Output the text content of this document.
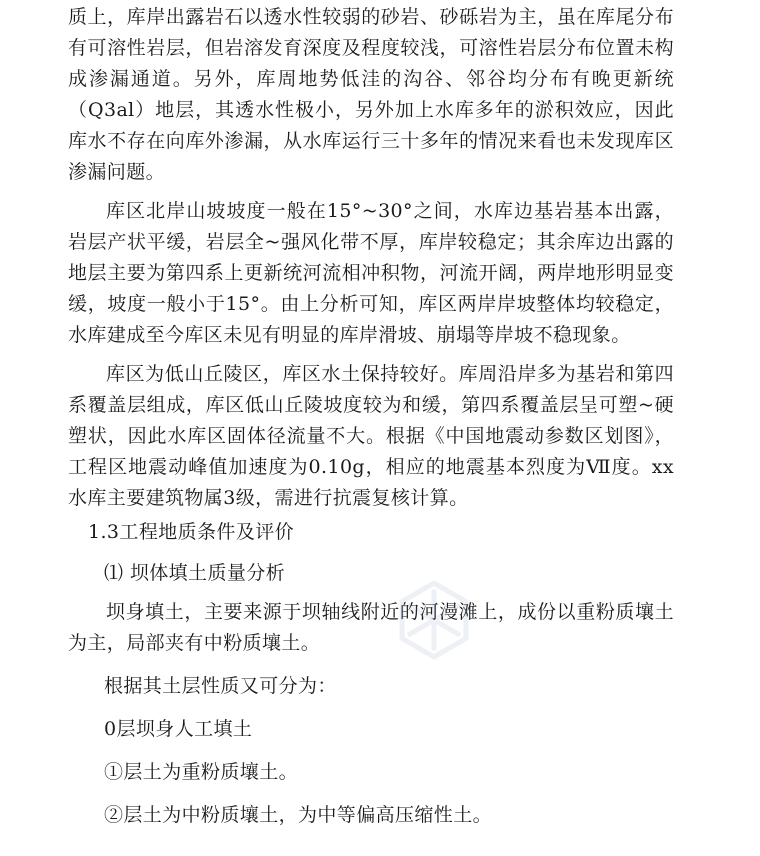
质上，库岸出露岩石以透水性较弱的砂岩、砂砾岩为主，虽在库尾分布有可溶性岩层，但岩溶发育深度及程度较浅，可溶性岩层分布位置未构成渗漏通道。另外，库周地势低洼的沟谷、邻谷均分布有晚更新统（Q3al）地层，其透水性极小，另外加上水库多年的淤积效应，因此库水不存在向库外渗漏，从水库运行三十多年的情况来看也未发现库区渗漏问题。

库区北岸山坡坡度一般在15°~30°之间，水库边基岩基本出露，岩层产状平缓，岩层全~强风化带不厚，库岸较稳定；其余库边出露的地层主要为第四系上更新统河流相冲积物，河流开阔，两岸地形明显变缓，坡度一般小于15°。由上分析可知，库区两岸岸坡整体均较稳定，水库建成至今库区未见有明显的库岸滑坡、崩塌等岸坡不稳现象。

库区为低山丘陵区，库区水土保持较好。库周沿岸多为基岩和第四系覆盖层组成，库区低山丘陵坡度较为和缓，第四系覆盖层呈可塑~硬塑状，因此水库区固体径流量不大。根据《中国地震动参数区划图》，工程区地震动峰值加速度为0.10g，相应的地震基本烈度为Ⅶ度。xx水库主要建筑物属3级，需进行抗震复核计算。

1.3工程地质条件及评价

⑴ 坝体填土质量分析

坝身填土，主要来源于坝轴线附近的河漫滩上，成份以重粉质壤土为主，局部夹有中粉质壤土。

根据其土层性质又可分为：

0层坝身人工填土

①层土为重粉质壤土。

②层土为中粉质壤土，为中等偏高压缩性土。
